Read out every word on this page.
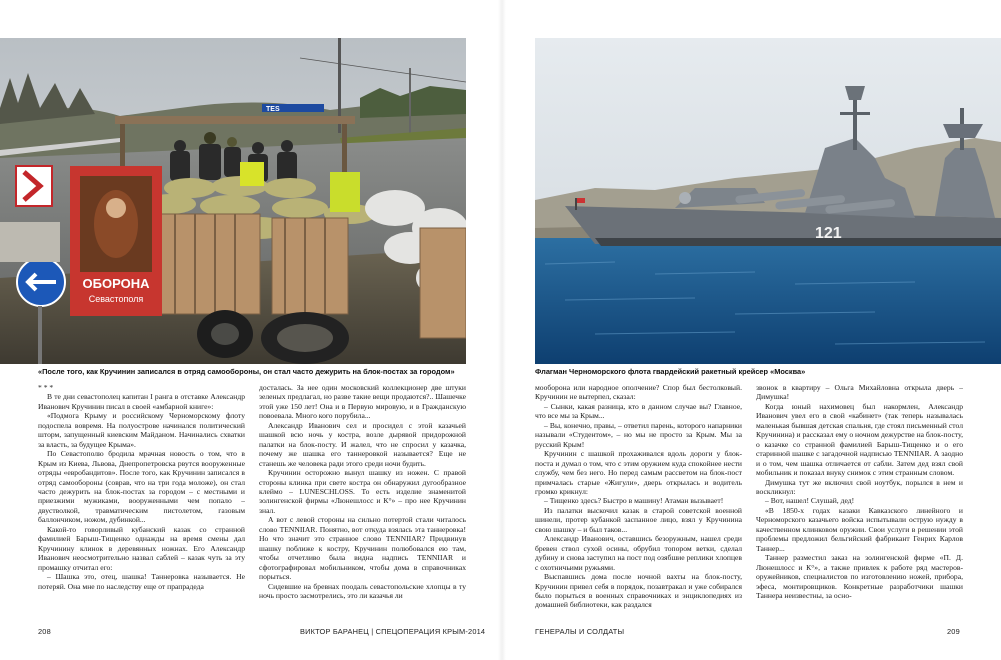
TES
ОБОРОНА
Севастополя
«После того, как Кручинин записался в отряд самообороны, он стал часто дежурить на блок-постах за городом»
121
Флагман Черноморского флота гвардейский ракетный крейсер «Москва»

* * *

В те дни севастополец капитан I ранга в отставке Александр Иванович Кручинин писал в своей «амбарной книге»:

«Подмога Крыму и российскому Черноморскому флоту подоспела вовремя. На полуострове начинался политический шторм, запущенный киевским Майданом. Начинались схватки за власть, за будущее Крыма».

По Севастополю бродила мрачная новость о том, что в Крым из Киева, Львова, Днепропетровска рвутся вооруженные отряды «евробандитов». После того, как Кручинин записался в отряд самообороны (соврав, что на три года моложе), он стал часто дежурить на блок-постах за городом – с местными и приезжими мужиками, вооруженными чем попало – двустволкой, травматическим пистолетом, газовым баллончиком, ножом, дубинкой...

Какой-то говорливый кубанский казак со странной фамилией Барыш-Тищенко однажды на время смены дал Кручинину клинок в деревянных ножнах. Его Александр Иванович неосмотрительно назвал саблей – казак чуть за эту промашку отчитал его:

– Шашка это, отец, шашка! Таннеровка называется. Не потеряй. Она мне по наследству еще от прапрадеда

досталась. За нее один московский коллекционер две штуки зеленых предлагал, но разве такие вещи продаются?.. Шашечке этой уже 150 лет! Она и в Первую мировую, и в Гражданскую повоевала. Много кого порубила...

Александр Иванович сел и просидел с этой казачьей шашкой всю ночь у костра, возле дырявой придорожной палатки на блок-посту. И жалел, что не спросил у казачка, почему же шашка его таннеровкой называется? Еще не станешь же человека ради этого среди ночи будить.

Кручинин осторожно вынул шашку из ножен. С правой стороны клинка при свете костра он обнаружил дугообразное клеймо – LUNESCHLOSS. То есть изделие знаменитой золингенской фирмы «Люнешлосс и К°» – про нее Кручинин знал.

А вот с левой стороны на сильно потертой стали читалось слово TENNIIAR. Понятно, вот откуда взялась эта таннеровка! Но что значит это странное слово TENNIIAR? Придвинув шашку поближе к костру, Кручинин полюбовался ею там, чтобы отчетливо была видна надпись TENNIIAR и сфотографировал мобильником, чтобы дома в справочниках порыться.

Сидевшие на бревнах поодаль севастопольские хлопцы в ту ночь просто засмотрелись, это ли казачья ли

мооборона или народное ополчение? Спор был бестолковый. Кручинин не вытерпел, сказал:

– Сынки, какая разница, кто в данном случае вы? Главное, что все мы за Крым...

– Вы, конечно, правы, – ответил парень, которого напарники называли «Студентом», – но мы не просто за Крым. Мы за русский Крым!

Кручинин с шашкой прохаживался вдоль дороги у блок-поста и думал о том, что с этим оружием куда спокойнее нести службу, чем без него. Но перед самым рассветом на блок-пост примчалась старые «Жигули», дверь открылась и водитель громко крикнул:

– Тищенко здесь? Быстро в машину! Атаман вызывает!

Из палатки выскочил казак в старой советской военной шинели, протер кубанкой заспанное лицо, взял у Кручинина свою шашку – и был таков...

Александр Иванович, оставшись безоружным, нашел среди бревен ствол сухой осины, обрубил топором ветки, сделал дубину и снова заступил на пост под озябшие реплики хлопцев с охотничьими ружьями.

Выспавшись дома после ночной вахты на блок-посту, Кручинин привел себя в порядок, позавтракал и уже собирался было порыться в военных справочниках и энциклопедиях из домашней библиотеки, как раздался

звонок в квартиру – Ольга Михайловна открыла дверь – Димушка!

Когда юный нахимовец был накормлен, Александр Иванович увел его в свой «кабинет» (так теперь называлась маленькая бывшая детская спальня, где стоял письменный стол Кручинина) и рассказал ему о ночном дежурстве на блок-посту, о казачке со странной фамилией Барыш-Тищенко и о его старинной шашке с загадочной надписью TENNIIAR. А заодно и о том, чем шашка отличается от сабли. Затем дед взял свой мобильник и показал внуку снимок с этим странным словом.

Димушка тут же включил свой ноутбук, порылся в нем и воскликнул:

– Вот, нашел! Слушай, дед!

«В 1850-х годах казаки Кавказского линейного и Черноморского казачьего войска испытывали острую нужду в качественном клинковом оружии. Свои услуги в решении этой проблемы предложил бельгийский фабрикант Генрих Карлов Таннер...

Таннер разместил заказ на золингенской фирме «П. Д. Люнешлосс и К°», а также привлек к работе ряд мастеров-оружейников, специалистов по изготовлению ножей, прибора, эфеса, монтировщиков. Конкретные разработчики шашки Таннера неизвестны, за осно-

208	ВИКТОР БАРАНЕЦ | СПЕЦОПЕРАЦИЯ КРЫМ-2014	ГЕНЕРАЛЫ И СОЛДАТЫ	209
